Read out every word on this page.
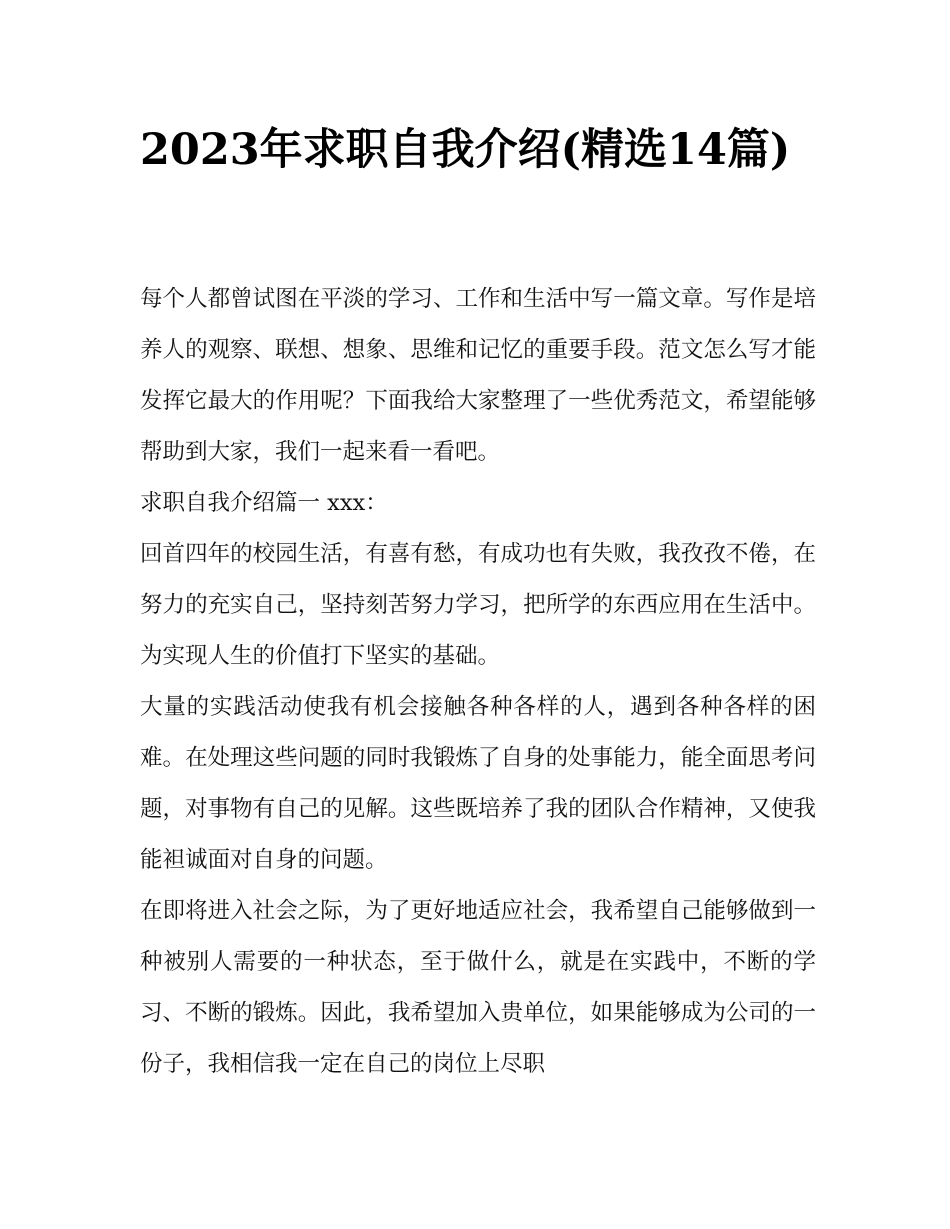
2023年求职自我介绍(精选14篇)

每个人都曾试图在平淡的学习、工作和生活中写一篇文章。写作是培养人的观察、联想、想象、思维和记忆的重要手段。范文怎么写才能发挥它最大的作用呢？下面我给大家整理了一些优秀范文，希望能够帮助到大家，我们一起来看一看吧。

求职自我介绍篇一 xxx：

回首四年的校园生活，有喜有愁，有成功也有失败，我孜孜不倦，在努力的充实自己，坚持刻苦努力学习，把所学的东西应用在生活中。为实现人生的价值打下坚实的基础。

大量的实践活动使我有机会接触各种各样的人，遇到各种各样的困难。在处理这些问题的同时我锻炼了自身的处事能力，能全面思考问题，对事物有自己的见解。这些既培养了我的团队合作精神，又使我能袒诚面对自身的问题。

在即将进入社会之际，为了更好地适应社会，我希望自己能够做到一种被别人需要的一种状态，至于做什么，就是在实践中，不断的学习、不断的锻炼。因此，我希望加入贵单位，如果能够成为公司的一份子，我相信我一定在自己的岗位上尽职
